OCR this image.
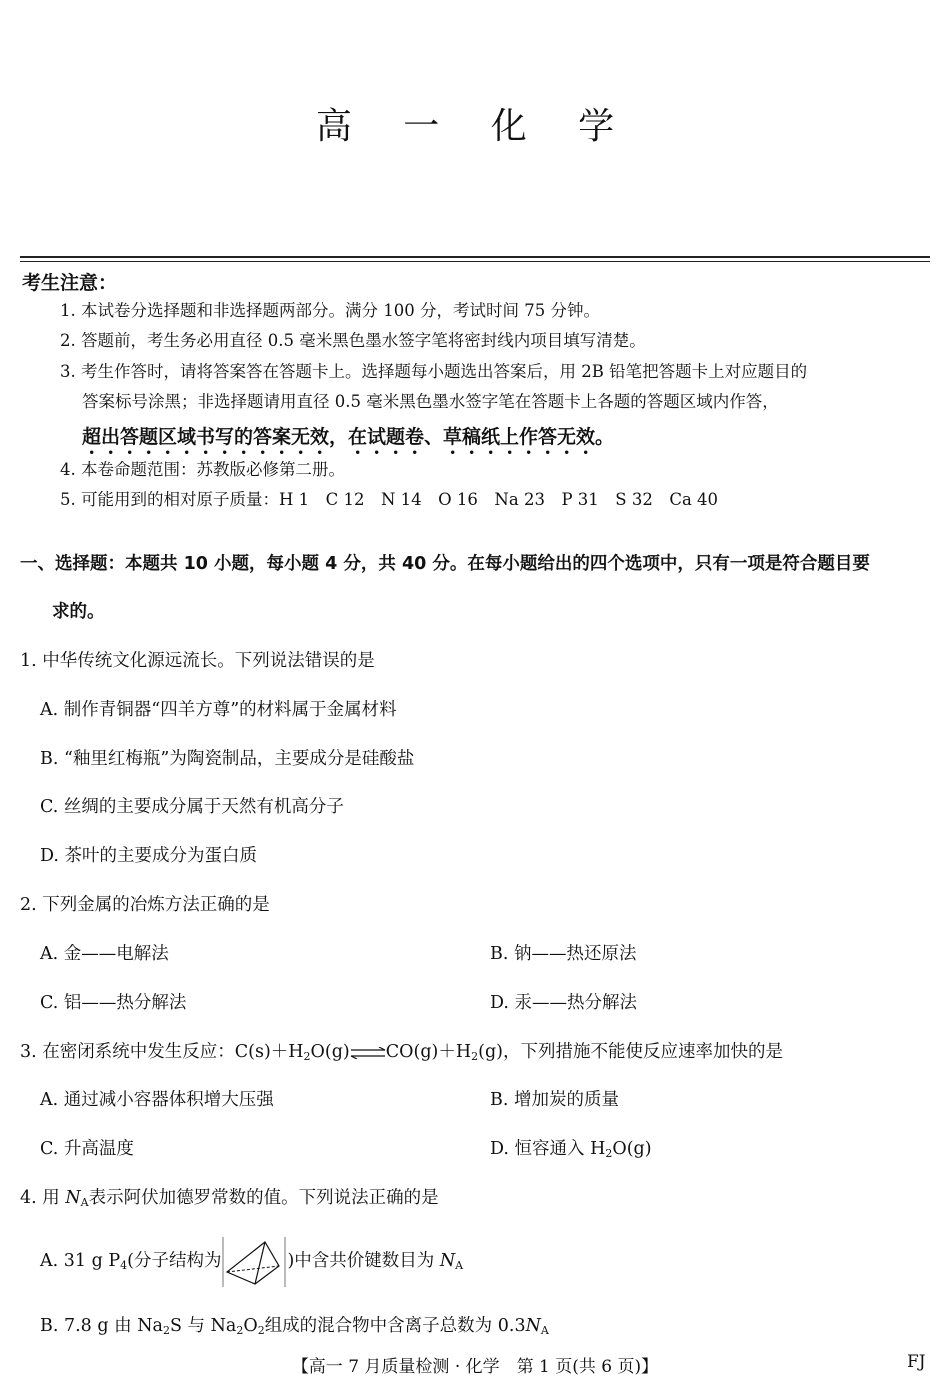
高 一 化 学
考生注意：
1. 本试卷分选择题和非选择题两部分。满分 100 分，考试时间 75 分钟。
2. 答题前，考生务必用直径 0.5 毫米黑色墨水签字笔将密封线内项目填写清楚。
3. 考生作答时，请将答案答在答题卡上。选择题每小题选出答案后，用 2B 铅笔把答题卡上对应题目的
答案标号涂黑；非选择题请用直径 0.5 毫米黑色墨水签字笔在答题卡上各题的答题区域内作答，
超出答题区域书写的答案无效，在试题卷、草稿纸上作答无效。
4. 本卷命题范围：苏教版必修第二册。
5. 可能用到的相对原子质量：H 1　C 12　N 14　O 16　Na 23　P 31　S 32　Ca 40
一、选择题：本题共 10 小题，每小题 4 分，共 40 分。在每小题给出的四个选项中，只有一项是符合题目要
求的。
1. 中华传统文化源远流长。下列说法错误的是
A. 制作青铜器“四羊方尊”的材料属于金属材料
B. “釉里红梅瓶”为陶瓷制品，主要成分是硅酸盐
C. 丝绸的主要成分属于天然有机高分子
D. 茶叶的主要成分为蛋白质
2. 下列金属的冶炼方法正确的是
A. 金——电解法	B. 钠——热还原法
C. 铝——热分解法	D. 汞——热分解法
3. 在密闭系统中发生反应：$C(s)+H_2O(g)\rightleftharpoons CO(g)+H_2(g)$，下列措施不能使反应速率加快的是
A. 通过减小容器体积增大压强	B. 增加炭的质量
C. 升高温度	D. 恒容通入 $H_2O(g)$
4. 用 $N_A$表示阿伏加德罗常数的值。下列说法正确的是
A. 31 g $P_4$(分子结构为	)中含共价键数目为 $N_A$
B. 7.8 g 由 $Na_2S$ 与 $Na_2O_2$组成的混合物中含离子总数为 $0.3N_A$
【高一 7 月质量检测 · 化学　第 1 页(共 6 页)】	FJ
